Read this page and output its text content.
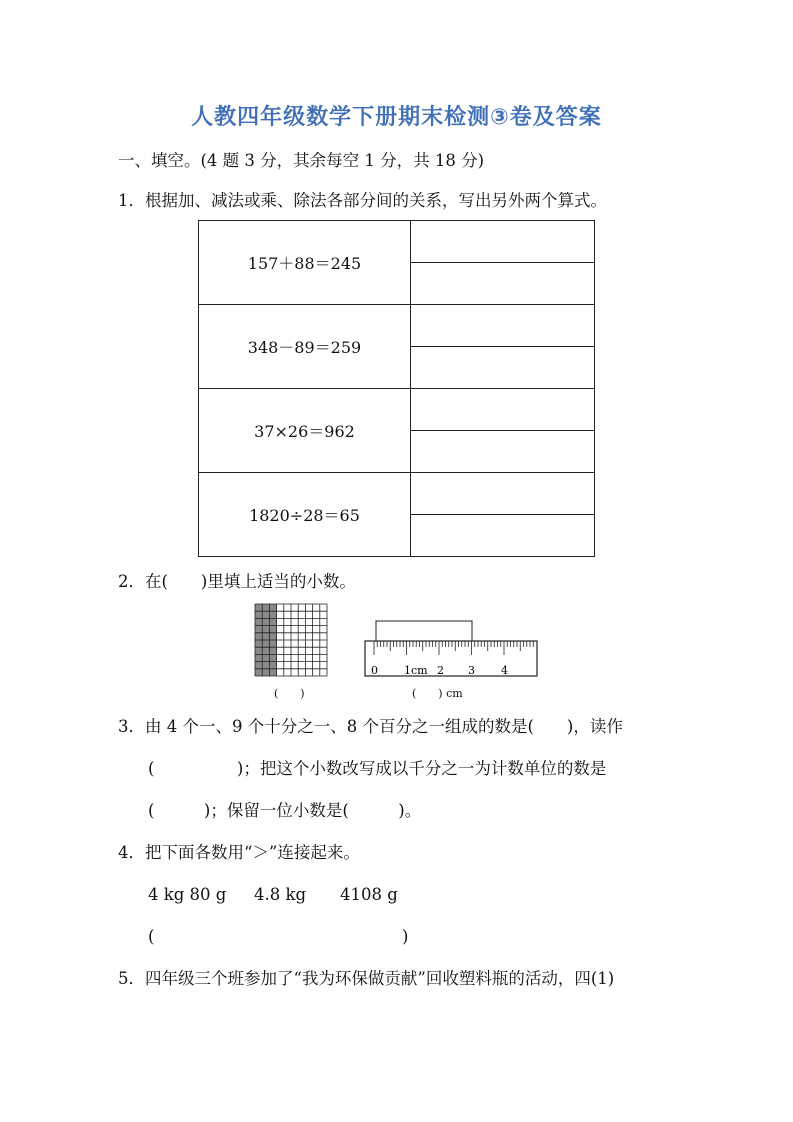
人教四年级数学下册期末检测③卷及答案
一、填空。(4 题 3 分，其余每空 1 分，共 18 分)
1．根据加、减法或乘、除法各部分间的关系，写出另外两个算式。
157＋88＝245	

348－89＝259	

37×26＝962	

1820÷28＝65	

2．在(　　)里填上适当的小数。
(　　)
0 1cm 2 3 4
(　　) cm
3．由 4 个一、9 个十分之一、8 个百分之一组成的数是(　　)，读作
(　　　　　)；把这个小数改写成以千分之一为计数单位的数是
(　　　)；保留一位小数是(　　　)。
4．把下面各数用“＞”连接起来。
4 kg 80 g 4.8 kg 4108 g
(	)
5．四年级三个班参加了“我为环保做贡献”回收塑料瓶的活动，四(1)
